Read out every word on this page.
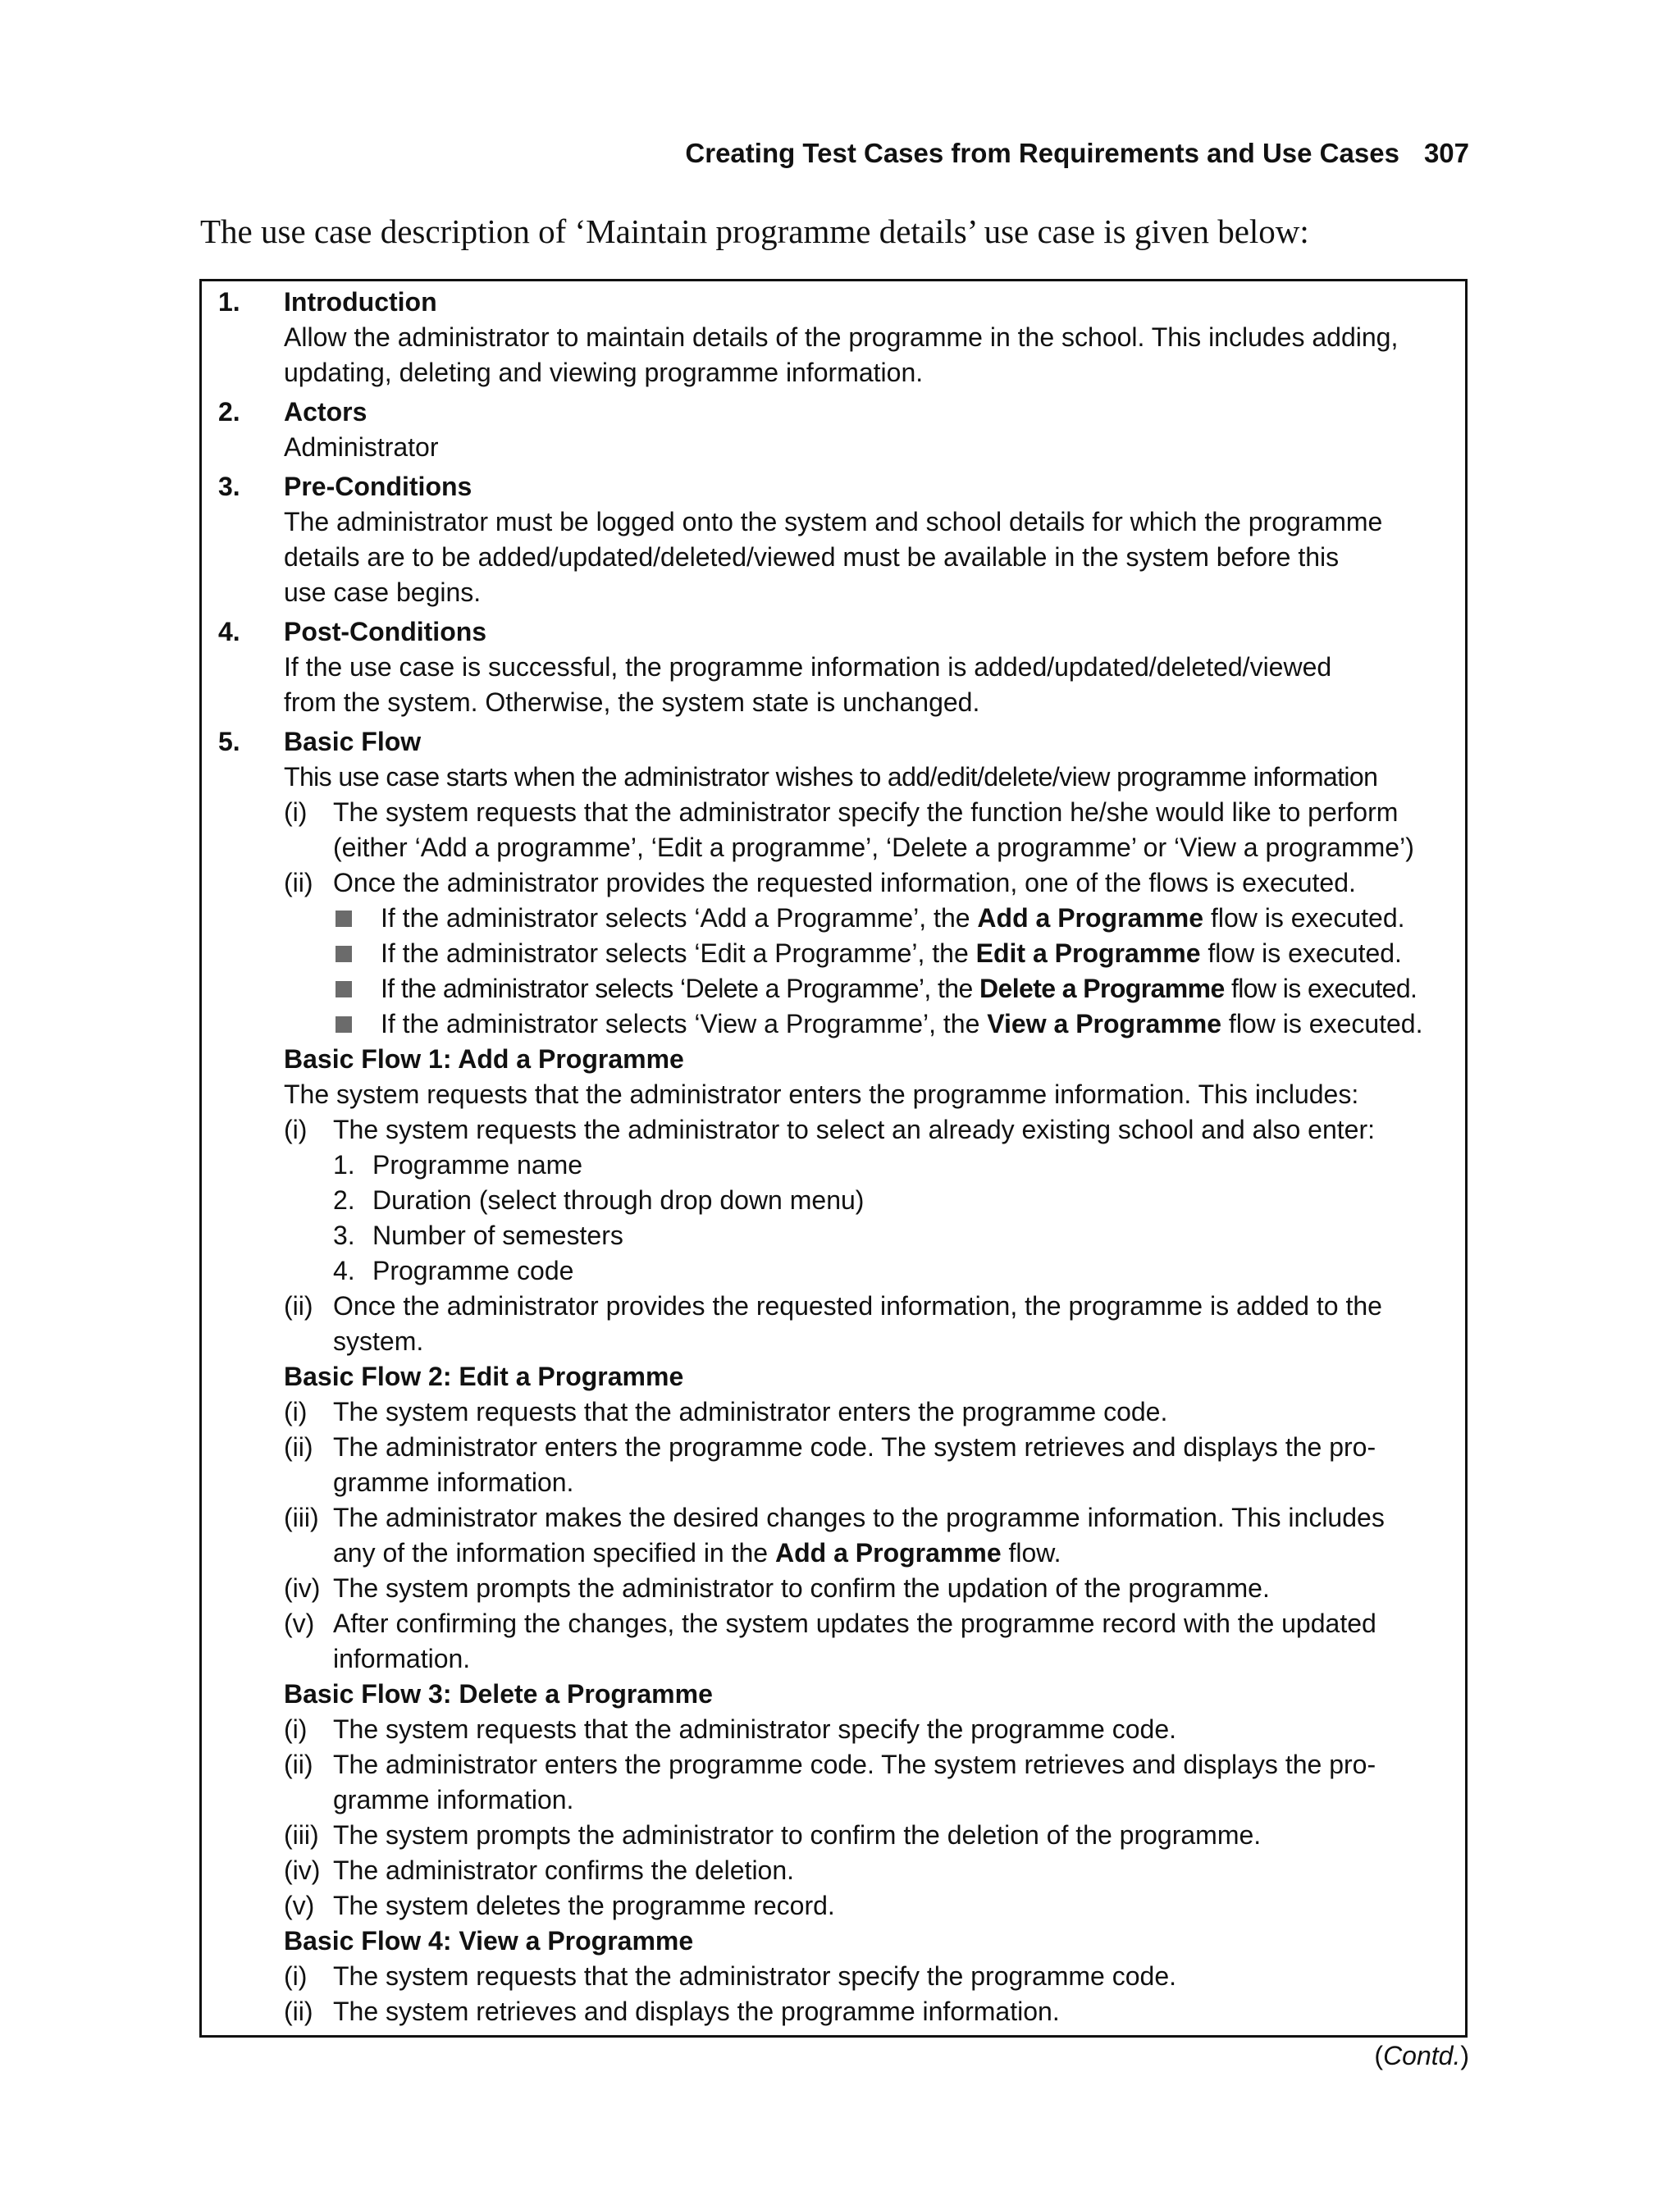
Creating Test Cases from Requirements and Use Cases 307
The use case description of ‘Maintain programme details’ use case is given below:
1. Introduction
Allow the administrator to maintain details of the programme in the school. This includes adding,
updating, deleting and viewing programme information.
2. Actors
Administrator
3. Pre-Conditions
The administrator must be logged onto the system and school details for which the programme
details are to be added/updated/deleted/viewed must be available in the system before this
use case begins.
4. Post-Conditions
If the use case is successful, the programme information is added/updated/deleted/viewed
from the system. Otherwise, the system state is unchanged.
5. Basic Flow
This use case starts when the administrator wishes to add/edit/delete/view programme information
(i) The system requests that the administrator specify the function he/she would like to perform
(either ‘Add a programme’, ‘Edit a programme’, ‘Delete a programme’ or ‘View a programme’)
(ii) Once the administrator provides the requested information, one of the flows is executed.
If the administrator selects ‘Add a Programme’, the Add a Programme flow is executed.
If the administrator selects ‘Edit a Programme’, the Edit a Programme flow is executed.
If the administrator selects ‘Delete a Programme’, the Delete a Programme flow is executed.
If the administrator selects ‘View a Programme’, the View a Programme flow is executed.
Basic Flow 1: Add a Programme
The system requests that the administrator enters the programme information. This includes:
(i) The system requests the administrator to select an already existing school and also enter:
1. Programme name
2. Duration (select through drop down menu)
3. Number of semesters
4. Programme code
(ii) Once the administrator provides the requested information, the programme is added to the
system.
Basic Flow 2: Edit a Programme
(i) The system requests that the administrator enters the programme code.
(ii) The administrator enters the programme code. The system retrieves and displays the pro-
gramme information.
(iii) The administrator makes the desired changes to the programme information. This includes
any of the information specified in the Add a Programme flow.
(iv) The system prompts the administrator to confirm the updation of the programme.
(v) After confirming the changes, the system updates the programme record with the updated
information.
Basic Flow 3: Delete a Programme
(i) The system requests that the administrator specify the programme code.
(ii) The administrator enters the programme code. The system retrieves and displays the pro-
gramme information.
(iii) The system prompts the administrator to confirm the deletion of the programme.
(iv) The administrator confirms the deletion.
(v) The system deletes the programme record.
Basic Flow 4: View a Programme
(i) The system requests that the administrator specify the programme code.
(ii) The system retrieves and displays the programme information.
(Contd.)
